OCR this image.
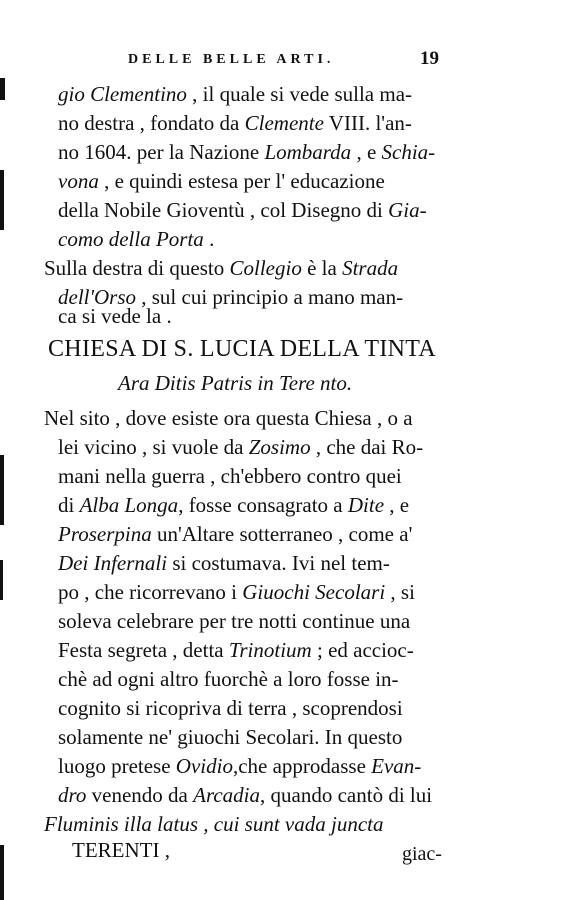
DELLE BELLE ARTI.	19
gio Clementino , il quale si vede sulla ma-
no destra , fondato da Clemente VIII. l'an-
no 1604. per la Nazione Lombarda , e Schia-
vona , e quindi estesa per l' educazione
della Nobile Gioventù , col Disegno di Gia-
como della Porta .
Sulla destra di questo Collegio è la Strada
dell'Orso , sul cui principio a mano man-
ca si vede la .
CHIESA DI S. LUCIA DELLA TINTA
Ara Ditis Patris in Tere nto.
Nel sito , dove esiste ora questa Chiesa , o a
lei vicino , si vuole da Zosimo , che dai Ro-
mani nella guerra , ch'ebbero contro quei
di Alba Longa, fosse consagrato a Dite , e
Proserpina un'Altare sotterraneo , come a'
Dei Infernali si costumava. Ivi nel tem-
po , che ricorrevano i Giuochi Secolari , si
soleva celebrare per tre notti continue una
Festa segreta , detta Trinotium ; ed accioc-
chè ad ogni altro fuorchè a loro fosse in-
cognito si ricopriva di terra , scoprendosi
solamente ne' giuochi Secolari. In questo
luogo pretese Ovidio,che approdasse Evan-
dro venendo da Arcadia, quando cantò di lui
Fluminis illa latus , cui sunt vada juncta
TERENTI ,	giac-
